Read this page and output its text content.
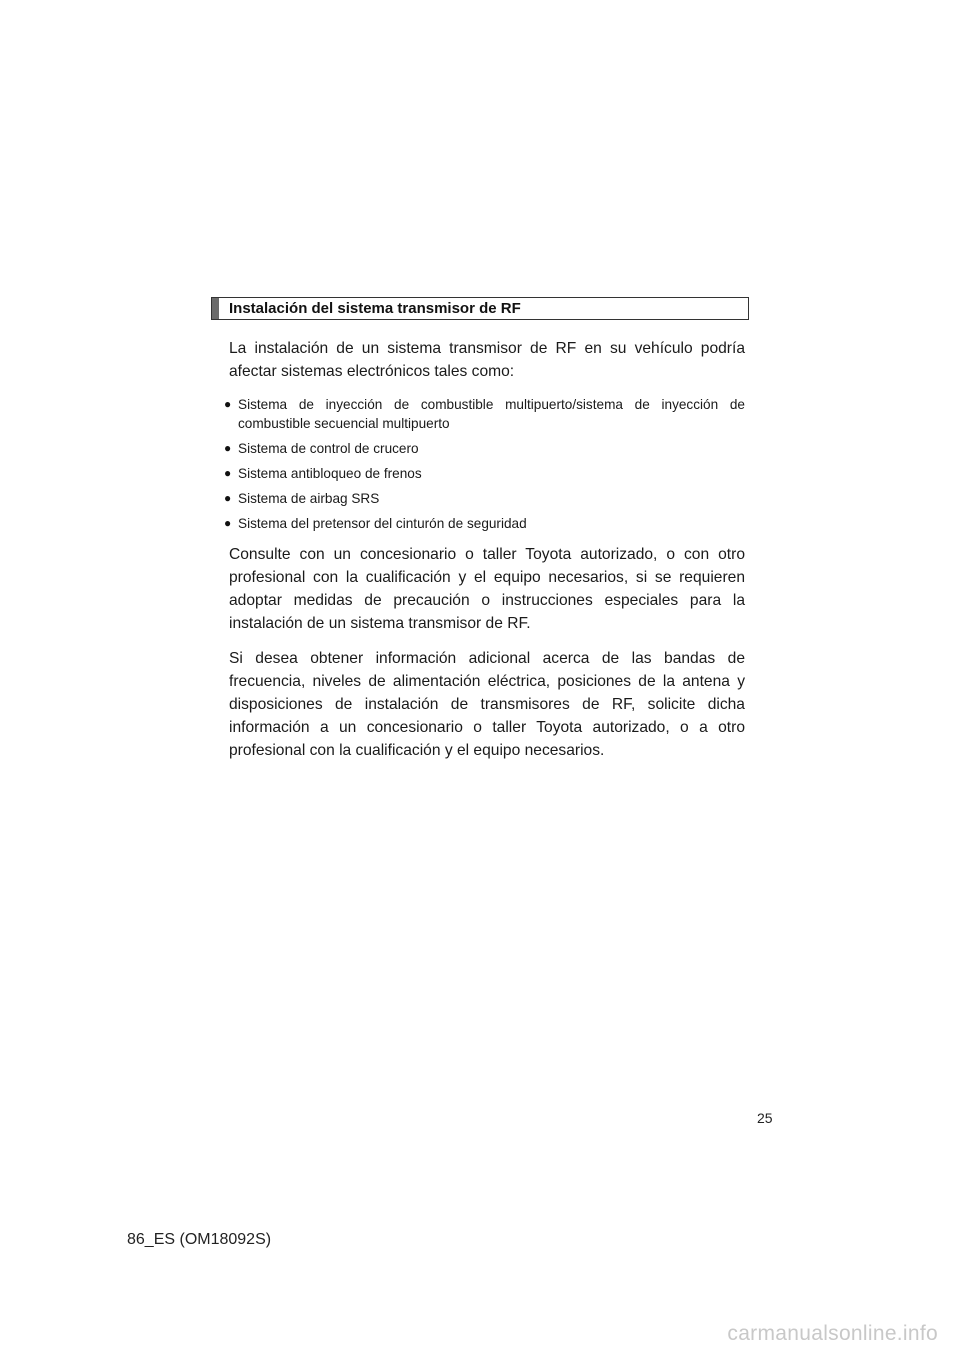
Instalación del sistema transmisor de RF

La instalación de un sistema transmisor de RF en su vehículo podría afectar sistemas electrónicos tales como:

● Sistema de inyección de combustible multipuerto/sistema de inyección de combustible secuencial multipuerto
● Sistema de control de crucero
● Sistema antibloqueo de frenos
● Sistema de airbag SRS
● Sistema del pretensor del cinturón de seguridad

Consulte con un concesionario o taller Toyota autorizado, o con otro profesional con la cualificación y el equipo necesarios, si se requieren adoptar medidas de precaución o instrucciones especiales para la instalación de un sistema transmisor de RF.

Si desea obtener información adicional acerca de las bandas de frecuencia, niveles de alimentación eléctrica, posiciones de la antena y disposiciones de instalación de transmisores de RF, solicite dicha información a un concesionario o taller Toyota autorizado, o a otro profesional con la cualificación y el equipo necesarios.

25
86_ES (OM18092S)
carmanualsonline.info
